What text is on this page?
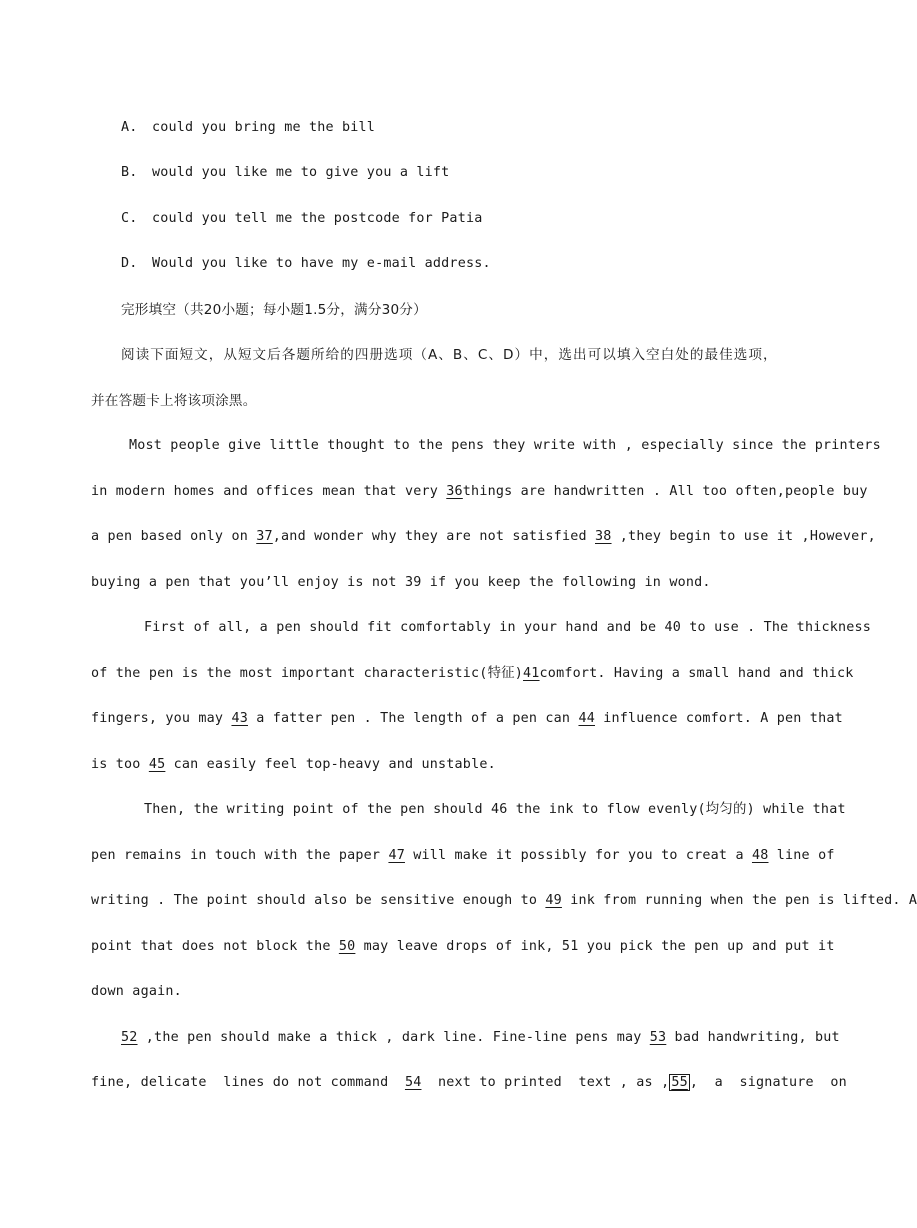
A. could you bring me the bill
B. would you like me to give you a lift
C. could you tell me the postcode for Patia
D. Would you like to have my e-mail address.
完形填空（共20小题；每小题1.5分，满分30分）
阅读下面短文，从短文后各题所给的四册选项（A、B、C、D）中，选出可以填入空白处的最佳选项，
并在答题卡上将该项涂黑。
Most people give little thought to the pens they write with , especially since the printers
in modern homes and offices mean that very 36things are handwritten . All too often,people buy
a pen based only on 37,and wonder why they are not satisfied 38 ,they begin to use it ,However,
buying a pen that you’ll enjoy is not 39 if you keep the following in wond.
First of all, a pen should fit comfortably in your hand and be 40 to use . The thickness
of the pen is the most important characteristic(特征)41comfort. Having a small hand and thick
fingers, you may 43 a fatter pen . The length of a pen can 44 influence comfort. A pen that
is too 45 can easily feel top-heavy and unstable.
Then, the writing point of the pen should 46 the ink to flow evenly(均匀的) while that
pen remains in touch with the paper 47 will make it possibly for you to creat a 48 line of
writing . The point should also be sensitive enough to 49 ink from running when the pen is lifted. A
point that does not block the 50 may leave drops of ink, 51 you pick the pen up and put it
down again.
52 ,the pen should make a thick , dark line. Fine-line pens may 53 bad handwriting, but
fine, delicate  lines do not command  54  next to printed  text , as , 55 ,  a  signature  on
